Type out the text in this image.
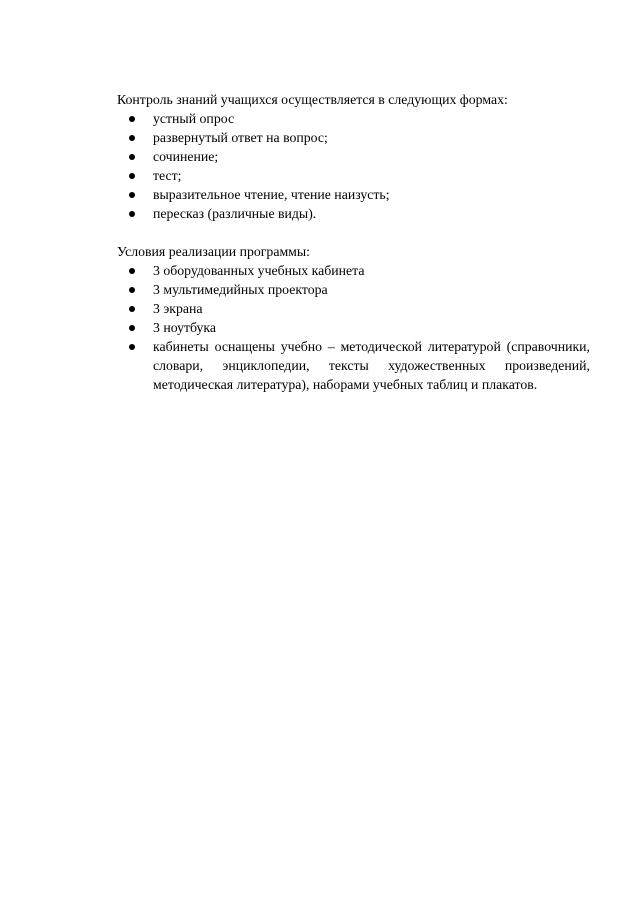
Контроль знаний учащихся осуществляется в следующих формах:

устный опрос
развернутый ответ на вопрос;
сочинение;
тест;
выразительное чтение, чтение наизусть;
пересказ (различные виды).

Условия реализации программы:

3 оборудованных учебных кабинета
3 мультимедийных проектора
3 экрана
3 ноутбука
кабинеты оснащены учебно – методической литературой (справочники, словари, энциклопедии, тексты художественных произведений, методическая литература), наборами учебных таблиц и плакатов.
